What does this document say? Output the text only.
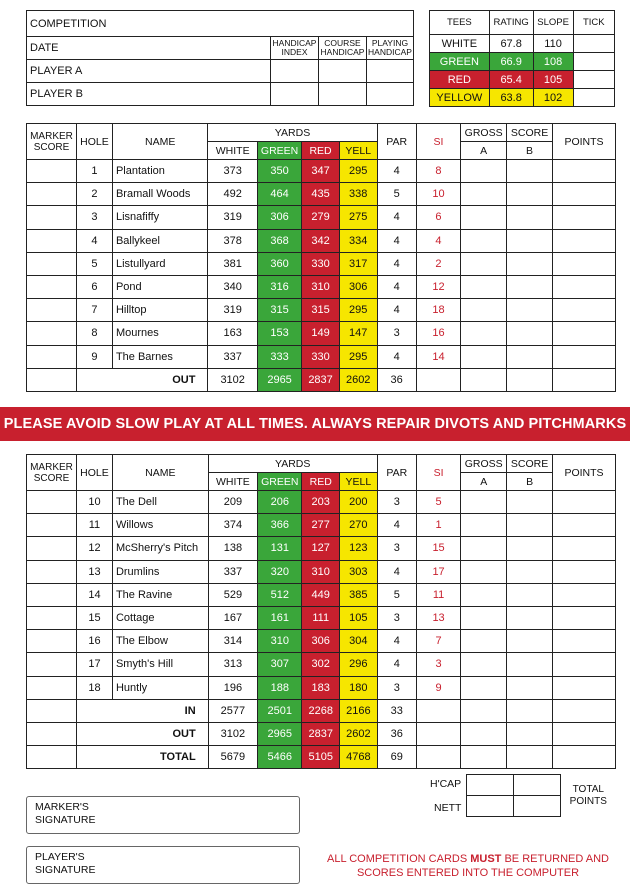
COMPETITION			
DATE	HANDICAP INDEX	COURSE HANDICAP	PLAYING HANDICAP
PLAYER A			
PLAYER B			
TEES	RATING	SLOPE	TICK
WHITE	67.8	110	
GREEN	66.9	108	
RED	65.4	105	
YELLOW	63.8	102	
MARKER SCORE	HOLE	NAME	YARDS				PAR	SI	GROSS	SCORE	POINTS
			WHITE	GREEN	RED	YELL			A	B	
	1	Plantation	373	350	347	295	4	8			
	2	Bramall Woods	492	464	435	338	5	10			
	3	Lisnafiffy	319	306	279	275	4	6			
	4	Ballykeel	378	368	342	334	4	4			
	5	Listullyard	381	360	330	317	4	2			
	6	Pond	340	316	310	306	4	12			
	7	Hilltop	319	315	315	295	4	18			
	8	Mournes	163	153	149	147	3	16			
	9	The Barnes	337	333	330	295	4	14			
	OUT		3102	2965	2837	2602	36				
PLEASE AVOID SLOW PLAY AT ALL TIMES. ALWAYS REPAIR DIVOTS AND PITCHMARKS
MARKER SCORE	HOLE	NAME	YARDS				PAR	SI	GROSS	SCORE	POINTS
			WHITE	GREEN	RED	YELL			A	B	
	10	The Dell	209	206	203	200	3	5			
	11	Willows	374	366	277	270	4	1			
	12	McSherry's Pitch	138	131	127	123	3	15			
	13	Drumlins	337	320	310	303	4	17			
	14	The Ravine	529	512	449	385	5	11			
	15	Cottage	167	161	111	105	3	13			
	16	The Elbow	314	310	306	304	4	7			
	17	Smyth's Hill	313	307	302	296	4	3			
	18	Huntly	196	188	183	180	3	9			
	IN		2577	2501	2268	2166	33				
	OUT		3102	2965	2837	2602	36				
	TOTAL		5679	5466	5105	4768	69				
H'CAP
NETT
		TOTAL POINTS

MARKER'S SIGNATURE
PLAYER'S SIGNATURE
ALL COMPETITION CARDS MUST BE RETURNED AND SCORES ENTERED INTO THE COMPUTER
